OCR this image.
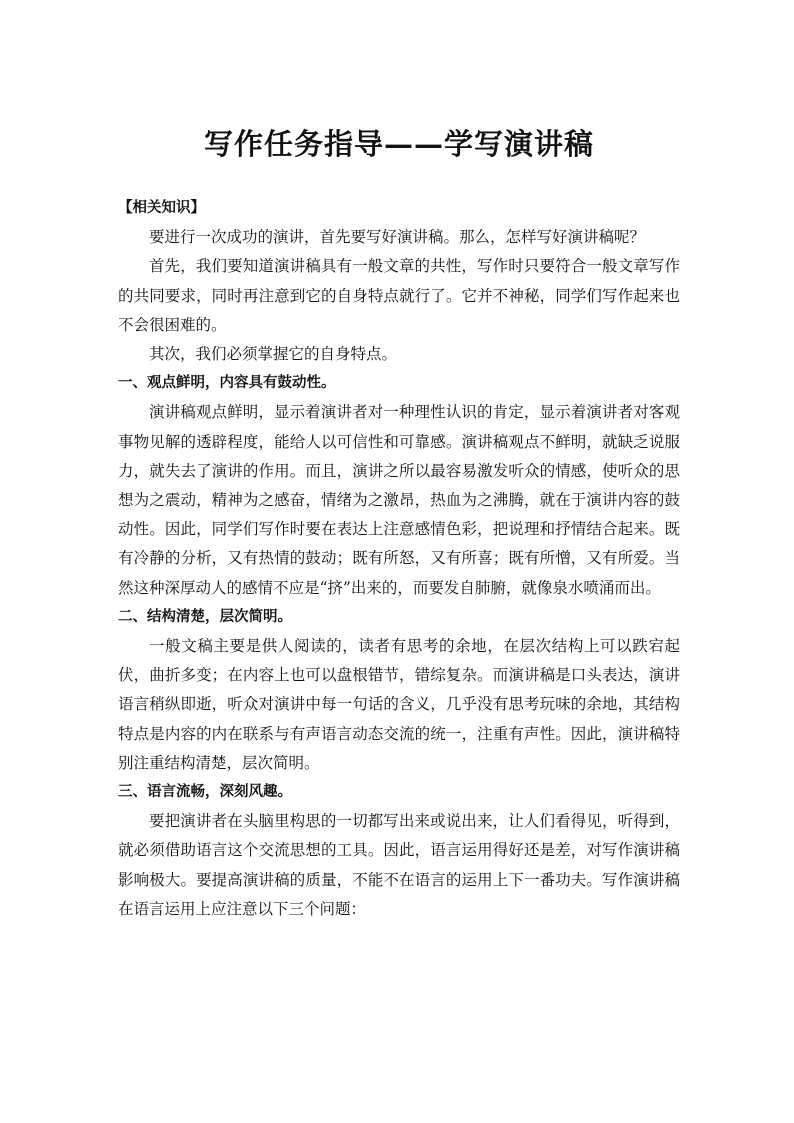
写作任务指导——学写演讲稿

【相关知识】

要进行一次成功的演讲，首先要写好演讲稿。那么，怎样写好演讲稿呢？

首先，我们要知道演讲稿具有一般文章的共性，写作时只要符合一般文章写作的共同要求，同时再注意到它的自身特点就行了。它并不神秘，同学们写作起来也不会很困难的。

其次，我们必须掌握它的自身特点。

一、观点鲜明，内容具有鼓动性。

演讲稿观点鲜明，显示着演讲者对一种理性认识的肯定，显示着演讲者对客观事物见解的透辟程度，能给人以可信性和可靠感。演讲稿观点不鲜明，就缺乏说服力，就失去了演讲的作用。而且，演讲之所以最容易激发听众的情感，使听众的思想为之震动，精神为之感奋，情绪为之激昂，热血为之沸腾，就在于演讲内容的鼓动性。因此，同学们写作时要在表达上注意感情色彩，把说理和抒情结合起来。既有冷静的分析，又有热情的鼓动；既有所怒，又有所喜；既有所憎，又有所爱。当然这种深厚动人的感情不应是“挤”出来的，而要发自肺腑，就像泉水喷涌而出。

二、结构清楚，层次简明。

一般文稿主要是供人阅读的，读者有思考的余地，在层次结构上可以跌宕起伏，曲折多变；在内容上也可以盘根错节，错综复杂。而演讲稿是口头表达，演讲语言稍纵即逝，听众对演讲中每一句话的含义，几乎没有思考玩味的余地，其结构特点是内容的内在联系与有声语言动态交流的统一，注重有声性。因此，演讲稿特别注重结构清楚，层次简明。

三、语言流畅，深刻风趣。

要把演讲者在头脑里构思的一切都写出来或说出来，让人们看得见，听得到，就必须借助语言这个交流思想的工具。因此，语言运用得好还是差，对写作演讲稿影响极大。要提高演讲稿的质量，不能不在语言的运用上下一番功夫。写作演讲稿在语言运用上应注意以下三个问题：
